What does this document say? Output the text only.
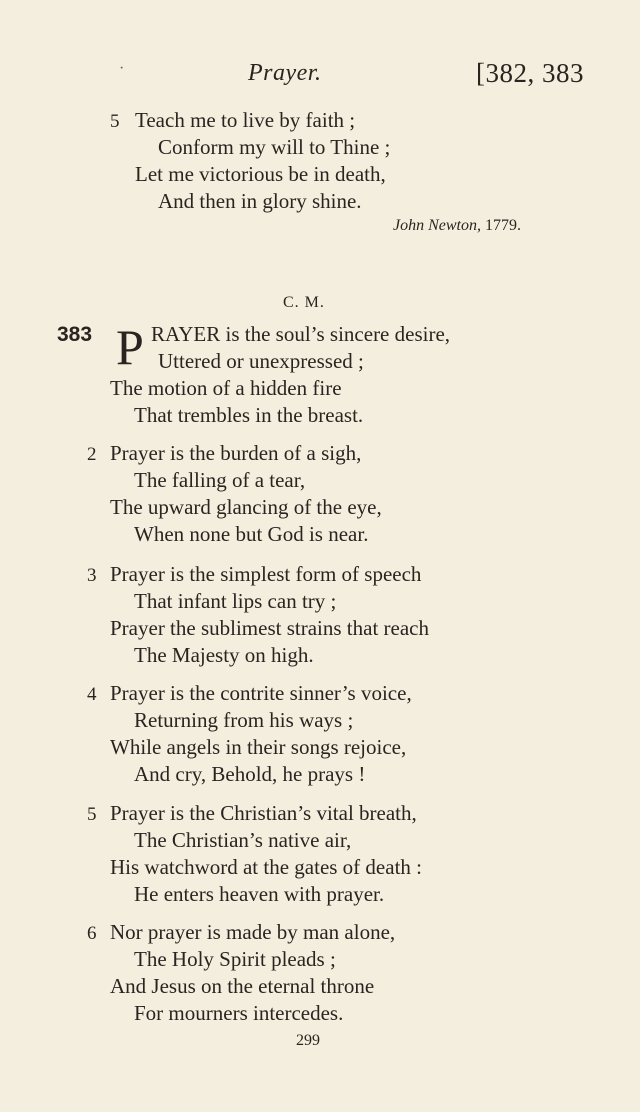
·	Prayer.	[382, 383
5 Teach me to live by faith ;
Conform my will to Thine ;
Let me victorious be in death,
And then in glory shine.
John Newton, 1779.
C. M.
383 P RAYER is the soul’s sincere desire,
Uttered or unexpressed ;
The motion of a hidden fire
That trembles in the breast.
2 Prayer is the burden of a sigh,
The falling of a tear,
The upward glancing of the eye,
When none but God is near.
3 Prayer is the simplest form of speech
That infant lips can try ;
Prayer the sublimest strains that reach
The Majesty on high.
4 Prayer is the contrite sinner’s voice,
Returning from his ways ;
While angels in their songs rejoice,
And cry, Behold, he prays !
5 Prayer is the Christian’s vital breath,
The Christian’s native air,
His watchword at the gates of death :
He enters heaven with prayer.
6 Nor prayer is made by man alone,
The Holy Spirit pleads ;
And Jesus on the eternal throne
For mourners intercedes.
299
